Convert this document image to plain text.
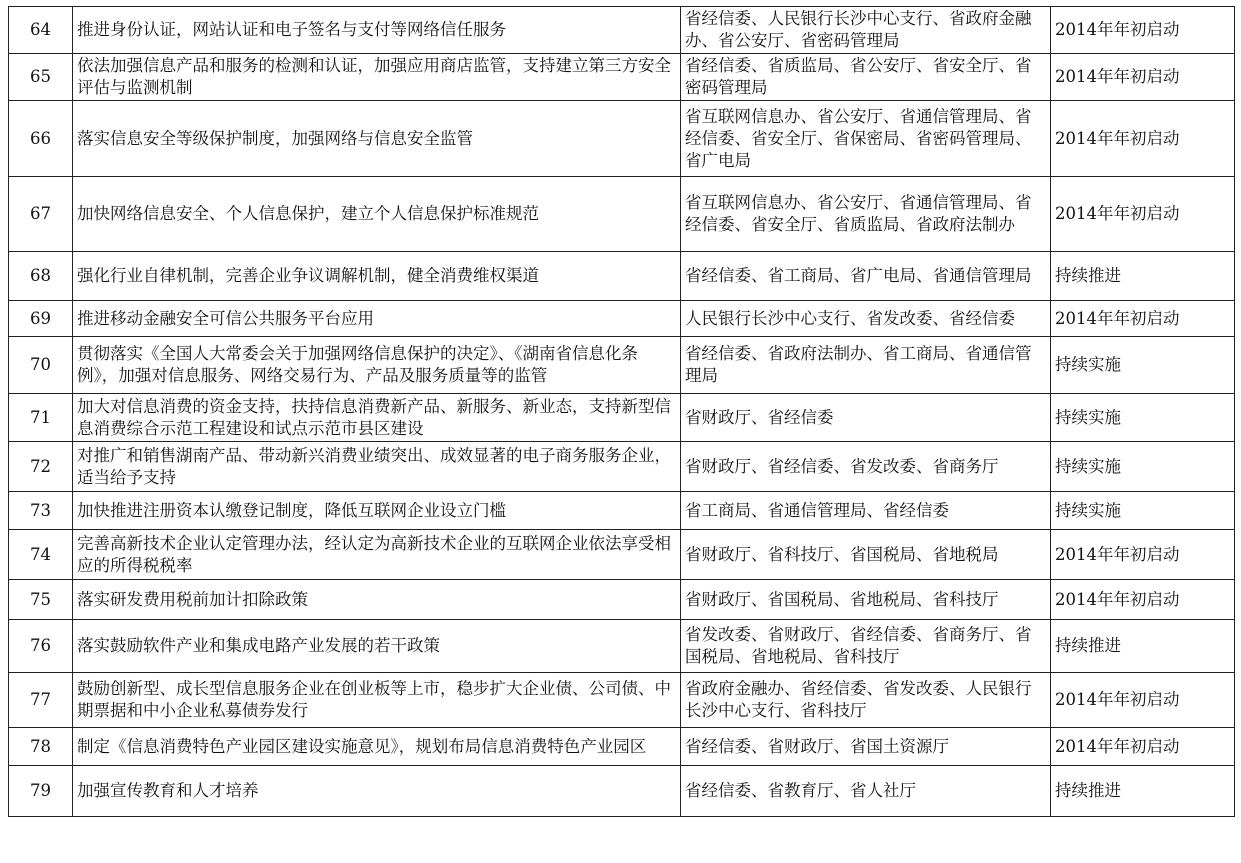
64	推进身份认证，网站认证和电子签名与支付等网络信任服务	省经信委、人民银行长沙中心支行、省政府金融办、省公安厅、省密码管理局	2014年年初启动
65	依法加强信息产品和服务的检测和认证，加强应用商店监管，支持建立第三方安全评估与监测机制	省经信委、省质监局、省公安厅、省安全厅、省密码管理局	2014年年初启动
66	落实信息安全等级保护制度，加强网络与信息安全监管	省互联网信息办、省公安厅、省通信管理局、省经信委、省安全厅、省保密局、省密码管理局、省广电局	2014年年初启动
67	加快网络信息安全、个人信息保护，建立个人信息保护标准规范	省互联网信息办、省公安厅、省通信管理局、省经信委、省安全厅、省质监局、省政府法制办	2014年年初启动
68	强化行业自律机制，完善企业争议调解机制，健全消费维权渠道	省经信委、省工商局、省广电局、省通信管理局	持续推进
69	推进移动金融安全可信公共服务平台应用	人民银行长沙中心支行、省发改委、省经信委	2014年年初启动
70	贯彻落实《全国人大常委会关于加强网络信息保护的决定》、《湖南省信息化条例》，加强对信息服务、网络交易行为、产品及服务质量等的监管	省经信委、省政府法制办、省工商局、省通信管理局	持续实施
71	加大对信息消费的资金支持，扶持信息消费新产品、新服务、新业态，支持新型信息消费综合示范工程建设和试点示范市县区建设	省财政厅、省经信委	持续实施
72	对推广和销售湖南产品、带动新兴消费业绩突出、成效显著的电子商务服务企业，适当给予支持	省财政厅、省经信委、省发改委、省商务厅	持续实施
73	加快推进注册资本认缴登记制度，降低互联网企业设立门槛	省工商局、省通信管理局、省经信委	持续实施
74	完善高新技术企业认定管理办法，经认定为高新技术企业的互联网企业依法享受相应的所得税税率	省财政厅、省科技厅、省国税局、省地税局	2014年年初启动
75	落实研发费用税前加计扣除政策	省财政厅、省国税局、省地税局、省科技厅	2014年年初启动
76	落实鼓励软件产业和集成电路产业发展的若干政策	省发改委、省财政厅、省经信委、省商务厅、省国税局、省地税局、省科技厅	持续推进
77	鼓励创新型、成长型信息服务企业在创业板等上市，稳步扩大企业债、公司债、中期票据和中小企业私募债券发行	省政府金融办、省经信委、省发改委、人民银行长沙中心支行、省科技厅	2014年年初启动
78	制定《信息消费特色产业园区建设实施意见》，规划布局信息消费特色产业园区	省经信委、省财政厅、省国土资源厅	2014年年初启动
79	加强宣传教育和人才培养	省经信委、省教育厅、省人社厅	持续推进
